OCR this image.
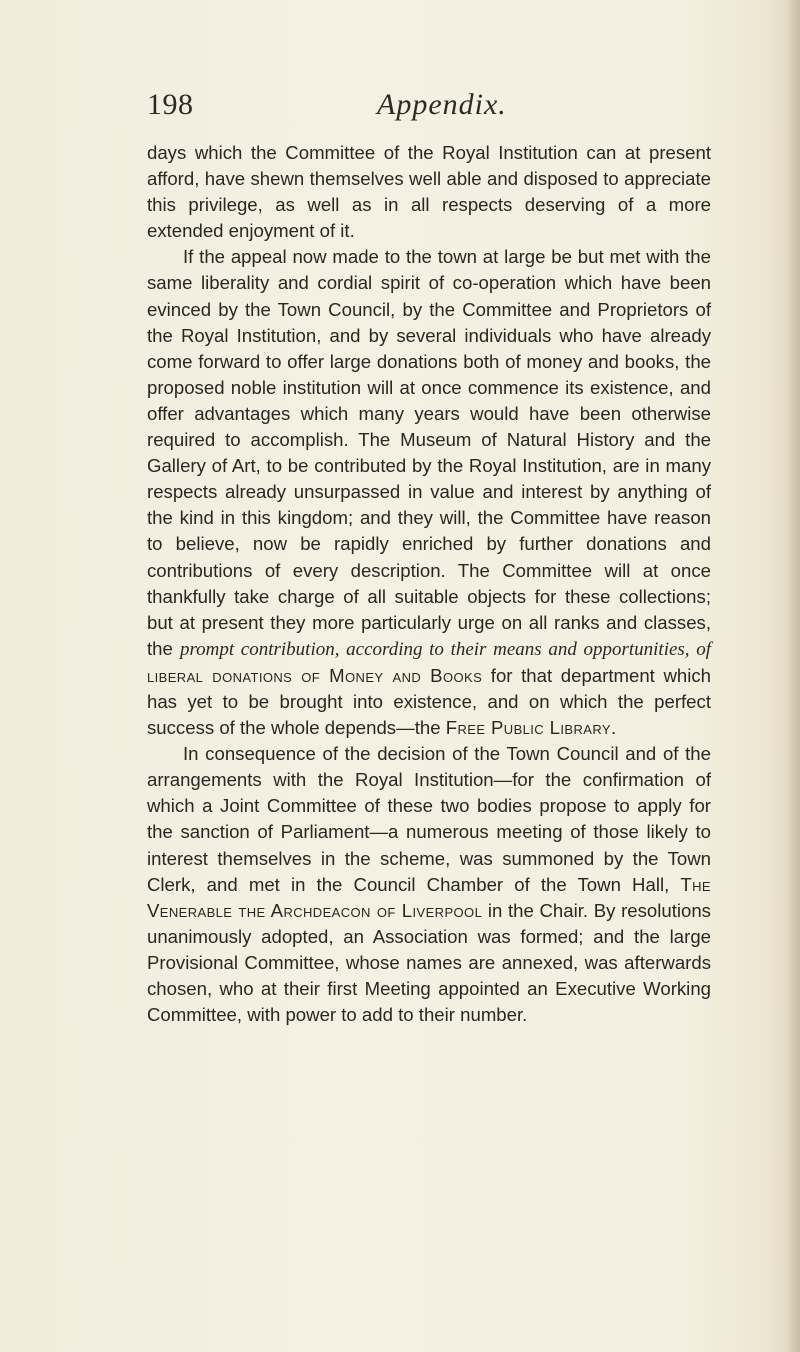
198	Appendix.

days which the Committee of the Royal Institution can at present afford, have shewn themselves well able and disposed to appreciate this privilege, as well as in all respects deserving of a more extended enjoyment of it.

If the appeal now made to the town at large be but met with the same liberality and cordial spirit of co-operation which have been evinced by the Town Council, by the Committee and Proprietors of the Royal Institution, and by several individuals who have already come forward to offer large donations both of money and books, the proposed noble institution will at once commence its existence, and offer advantages which many years would have been otherwise required to accomplish. The Museum of Natural History and the Gallery of Art, to be contributed by the Royal Institution, are in many respects already unsurpassed in value and interest by anything of the kind in this kingdom; and they will, the Committee have reason to believe, now be rapidly enriched by further donations and contributions of every description. The Committee will at once thankfully take charge of all suitable objects for these collections; but at present they more particularly urge on all ranks and classes, the prompt contribution, according to their means and opportunities, of liberal donations of Money and Books for that department which has yet to be brought into existence, and on which the perfect success of the whole depends—the Free Public Library.

In consequence of the decision of the Town Council and of the arrangements with the Royal Institution—for the confirmation of which a Joint Committee of these two bodies propose to apply for the sanction of Parliament—a numerous meeting of those likely to interest themselves in the scheme, was summoned by the Town Clerk, and met in the Council Chamber of the Town Hall, The Venerable the Archdeacon of Liverpool in the Chair. By resolutions unanimously adopted, an Association was formed; and the large Provisional Committee, whose names are annexed, was afterwards chosen, who at their first Meeting appointed an Executive Working Committee, with power to add to their number.
